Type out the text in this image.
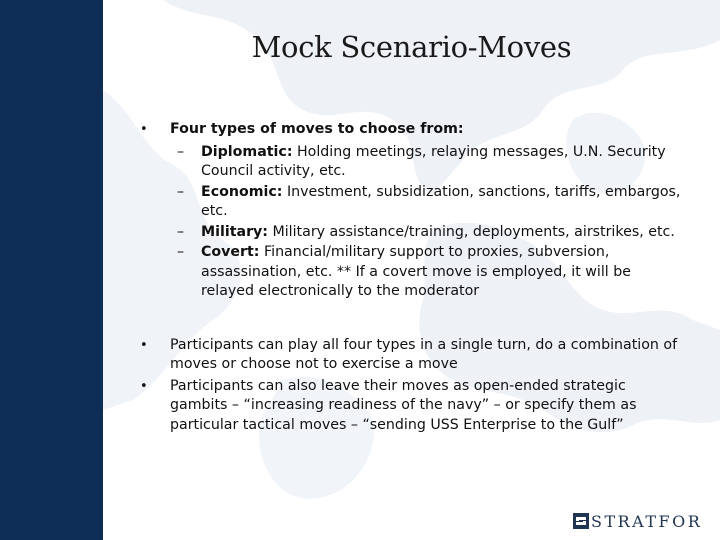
Mock Scenario-Moves
• Four types of moves to choose from:
– Diplomatic: Holding meetings, relaying messages, U.N. Security Council activity, etc.
– Economic: Investment, subsidization, sanctions, tariffs, embargos, etc.
– Military: Military assistance/training, deployments, airstrikes, etc.
– Covert: Financial/military support to proxies, subversion, assassination, etc. ** If a covert move is employed, it will be relayed electronically to the moderator
• Participants can play all four types in a single turn, do a combination of moves or choose not to exercise a move
• Participants can also leave their moves as open-ended strategic gambits – “increasing readiness of the navy” – or specify them as particular tactical moves – “sending USS Enterprise to the Gulf”
STRATFOR
